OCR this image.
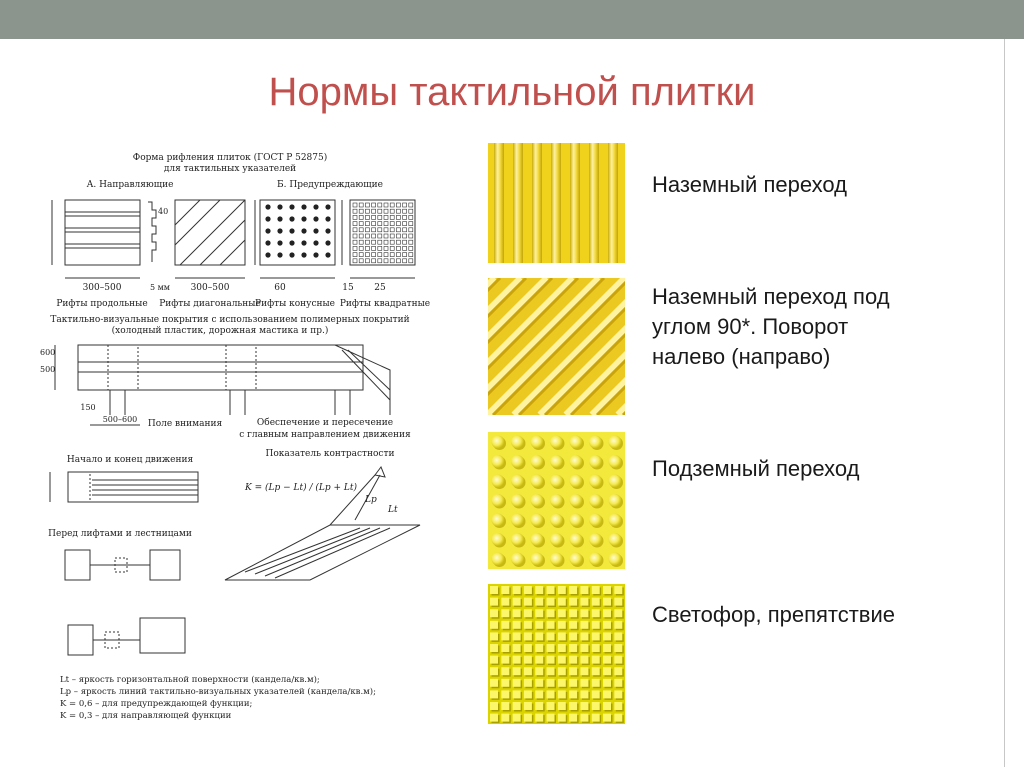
Нормы тактильной плитки
Наземный переход
Наземный переход под
углом 90*. Поворот
налево (направо)
Подземный переход
Светофор, препятствие
Форма рифления плиток (ГОСТ Р 52875)
для тактильных указателей
А. Направляющие	Б. Предупреждающие
300–500	300–500
5 мм	25
15
60
40
Рифты продольные Рифты диагональные
Рифты конусные Рифты квадратные
Тактильно-визуальные покрытия с использованием полимерных покрытий
(холодный пластик, дорожная мастика и пр.)
500–600
150
500
600
Поле внимания	Обеспечение и пересечение
с главным направлением движения
Начало и конец движения
Показатель контрастности
K = (Lp − Lt) / (Lp + Lt)
Lp
Lt
Перед лифтами и лестницами
Lt – яркость горизонтальной поверхности (кандела/кв.м);
Lp – яркость линий тактильно-визуальных указателей (кандела/кв.м);
K = 0,6 – для предупреждающей функции;
K = 0,3 – для направляющей функции
